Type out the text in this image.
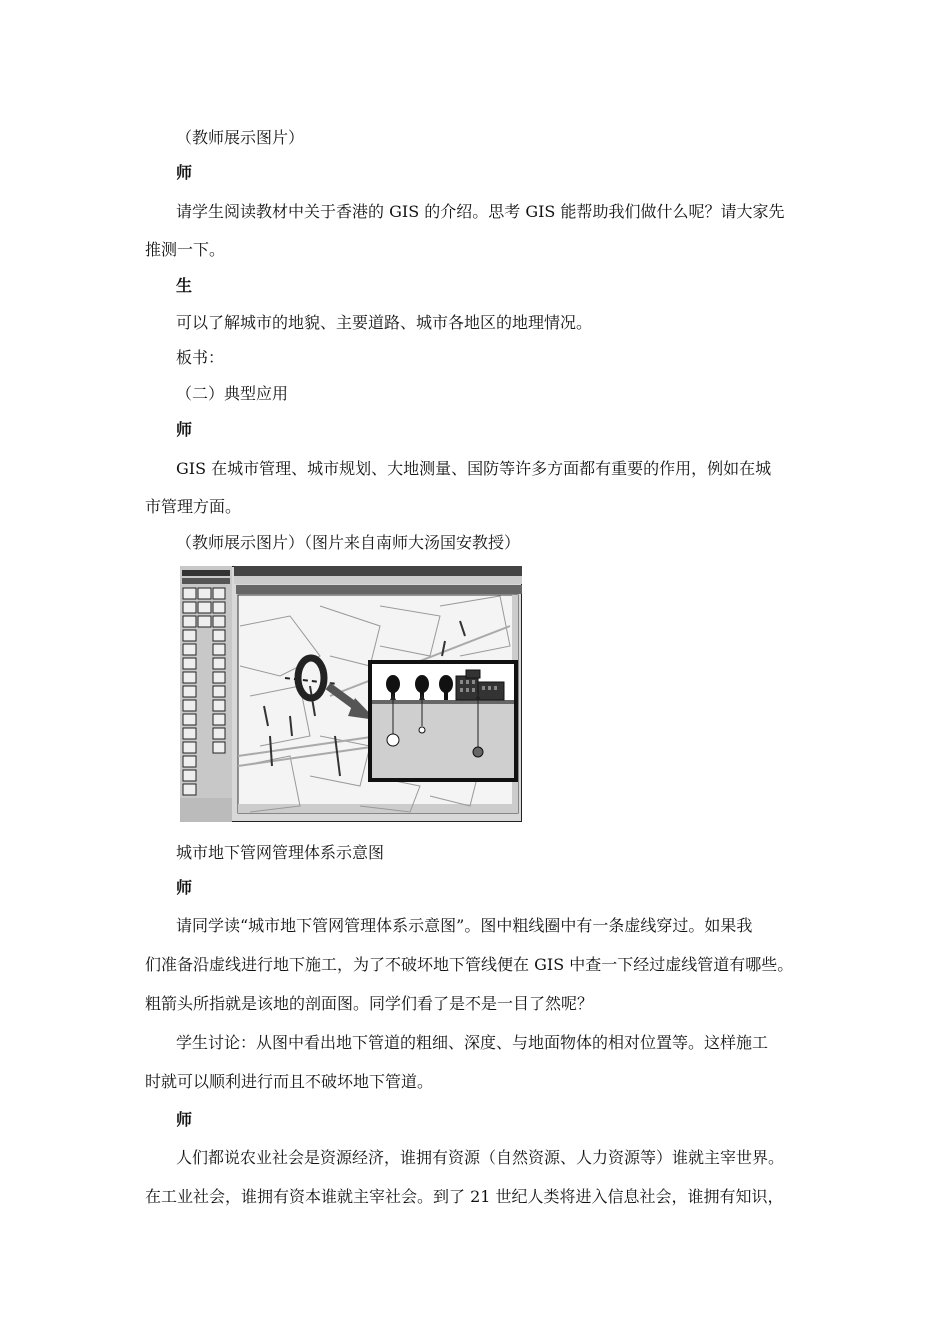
（教师展示图片）
师
请学生阅读教材中关于香港的 GIS 的介绍。思考 GIS 能帮助我们做什么呢？请大家先
推测一下。
生
可以了解城市的地貌、主要道路、城市各地区的地理情况。
板书：
（二）典型应用
师
GIS 在城市管理、城市规划、大地测量、国防等许多方面都有重要的作用，例如在城
市管理方面。
（教师展示图片）（图片来自南师大汤国安教授）
城市地下管网管理体系示意图
师
请同学读“城市地下管网管理体系示意图”。图中粗线圈中有一条虚线穿过。如果我
们准备沿虚线进行地下施工，为了不破坏地下管线便在 GIS 中查一下经过虚线管道有哪些。
粗箭头所指就是该地的剖面图。同学们看了是不是一目了然呢？
学生讨论：从图中看出地下管道的粗细、深度、与地面物体的相对位置等。这样施工
时就可以顺利进行而且不破坏地下管道。
师
人们都说农业社会是资源经济，谁拥有资源（自然资源、人力资源等）谁就主宰世界。
在工业社会，谁拥有资本谁就主宰社会。到了 21 世纪人类将进入信息社会，谁拥有知识，
